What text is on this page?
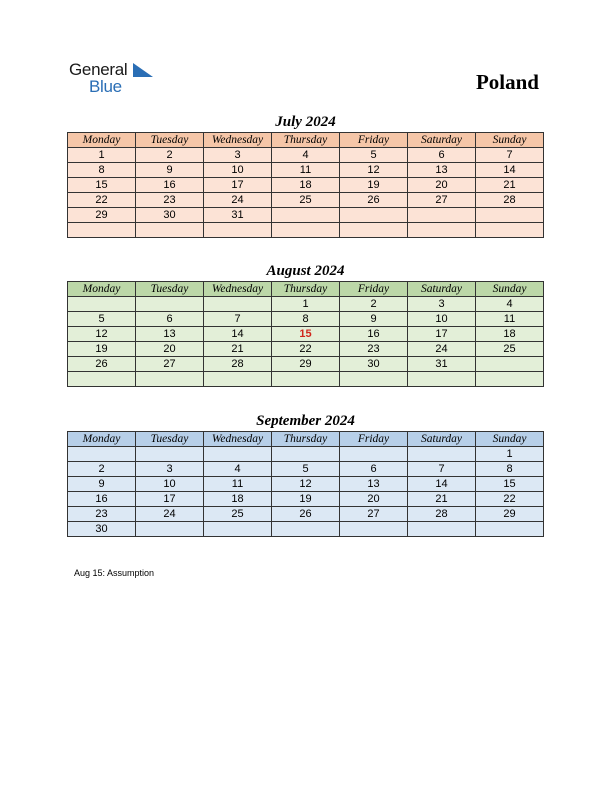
General
Blue	Poland
July 2024
Monday	Tuesday	Wednesday	Thursday	Friday	Saturday	Sunday
1	2	3	4	5	6	7
8	9	10	11	12	13	14
15	16	17	18	19	20	21
22	23	24	25	26	27	28
29	30	31				

August 2024
Monday	Tuesday	Wednesday	Thursday	Friday	Saturday	Sunday
			1	2	3	4
5	6	7	8	9	10	11
12	13	14	15	16	17	18
19	20	21	22	23	24	25
26	27	28	29	30	31	

September 2024
Monday	Tuesday	Wednesday	Thursday	Friday	Saturday	Sunday
						1
2	3	4	5	6	7	8
9	10	11	12	13	14	15
16	17	18	19	20	21	22
23	24	25	26	27	28	29
30						
Aug 15: Assumption
